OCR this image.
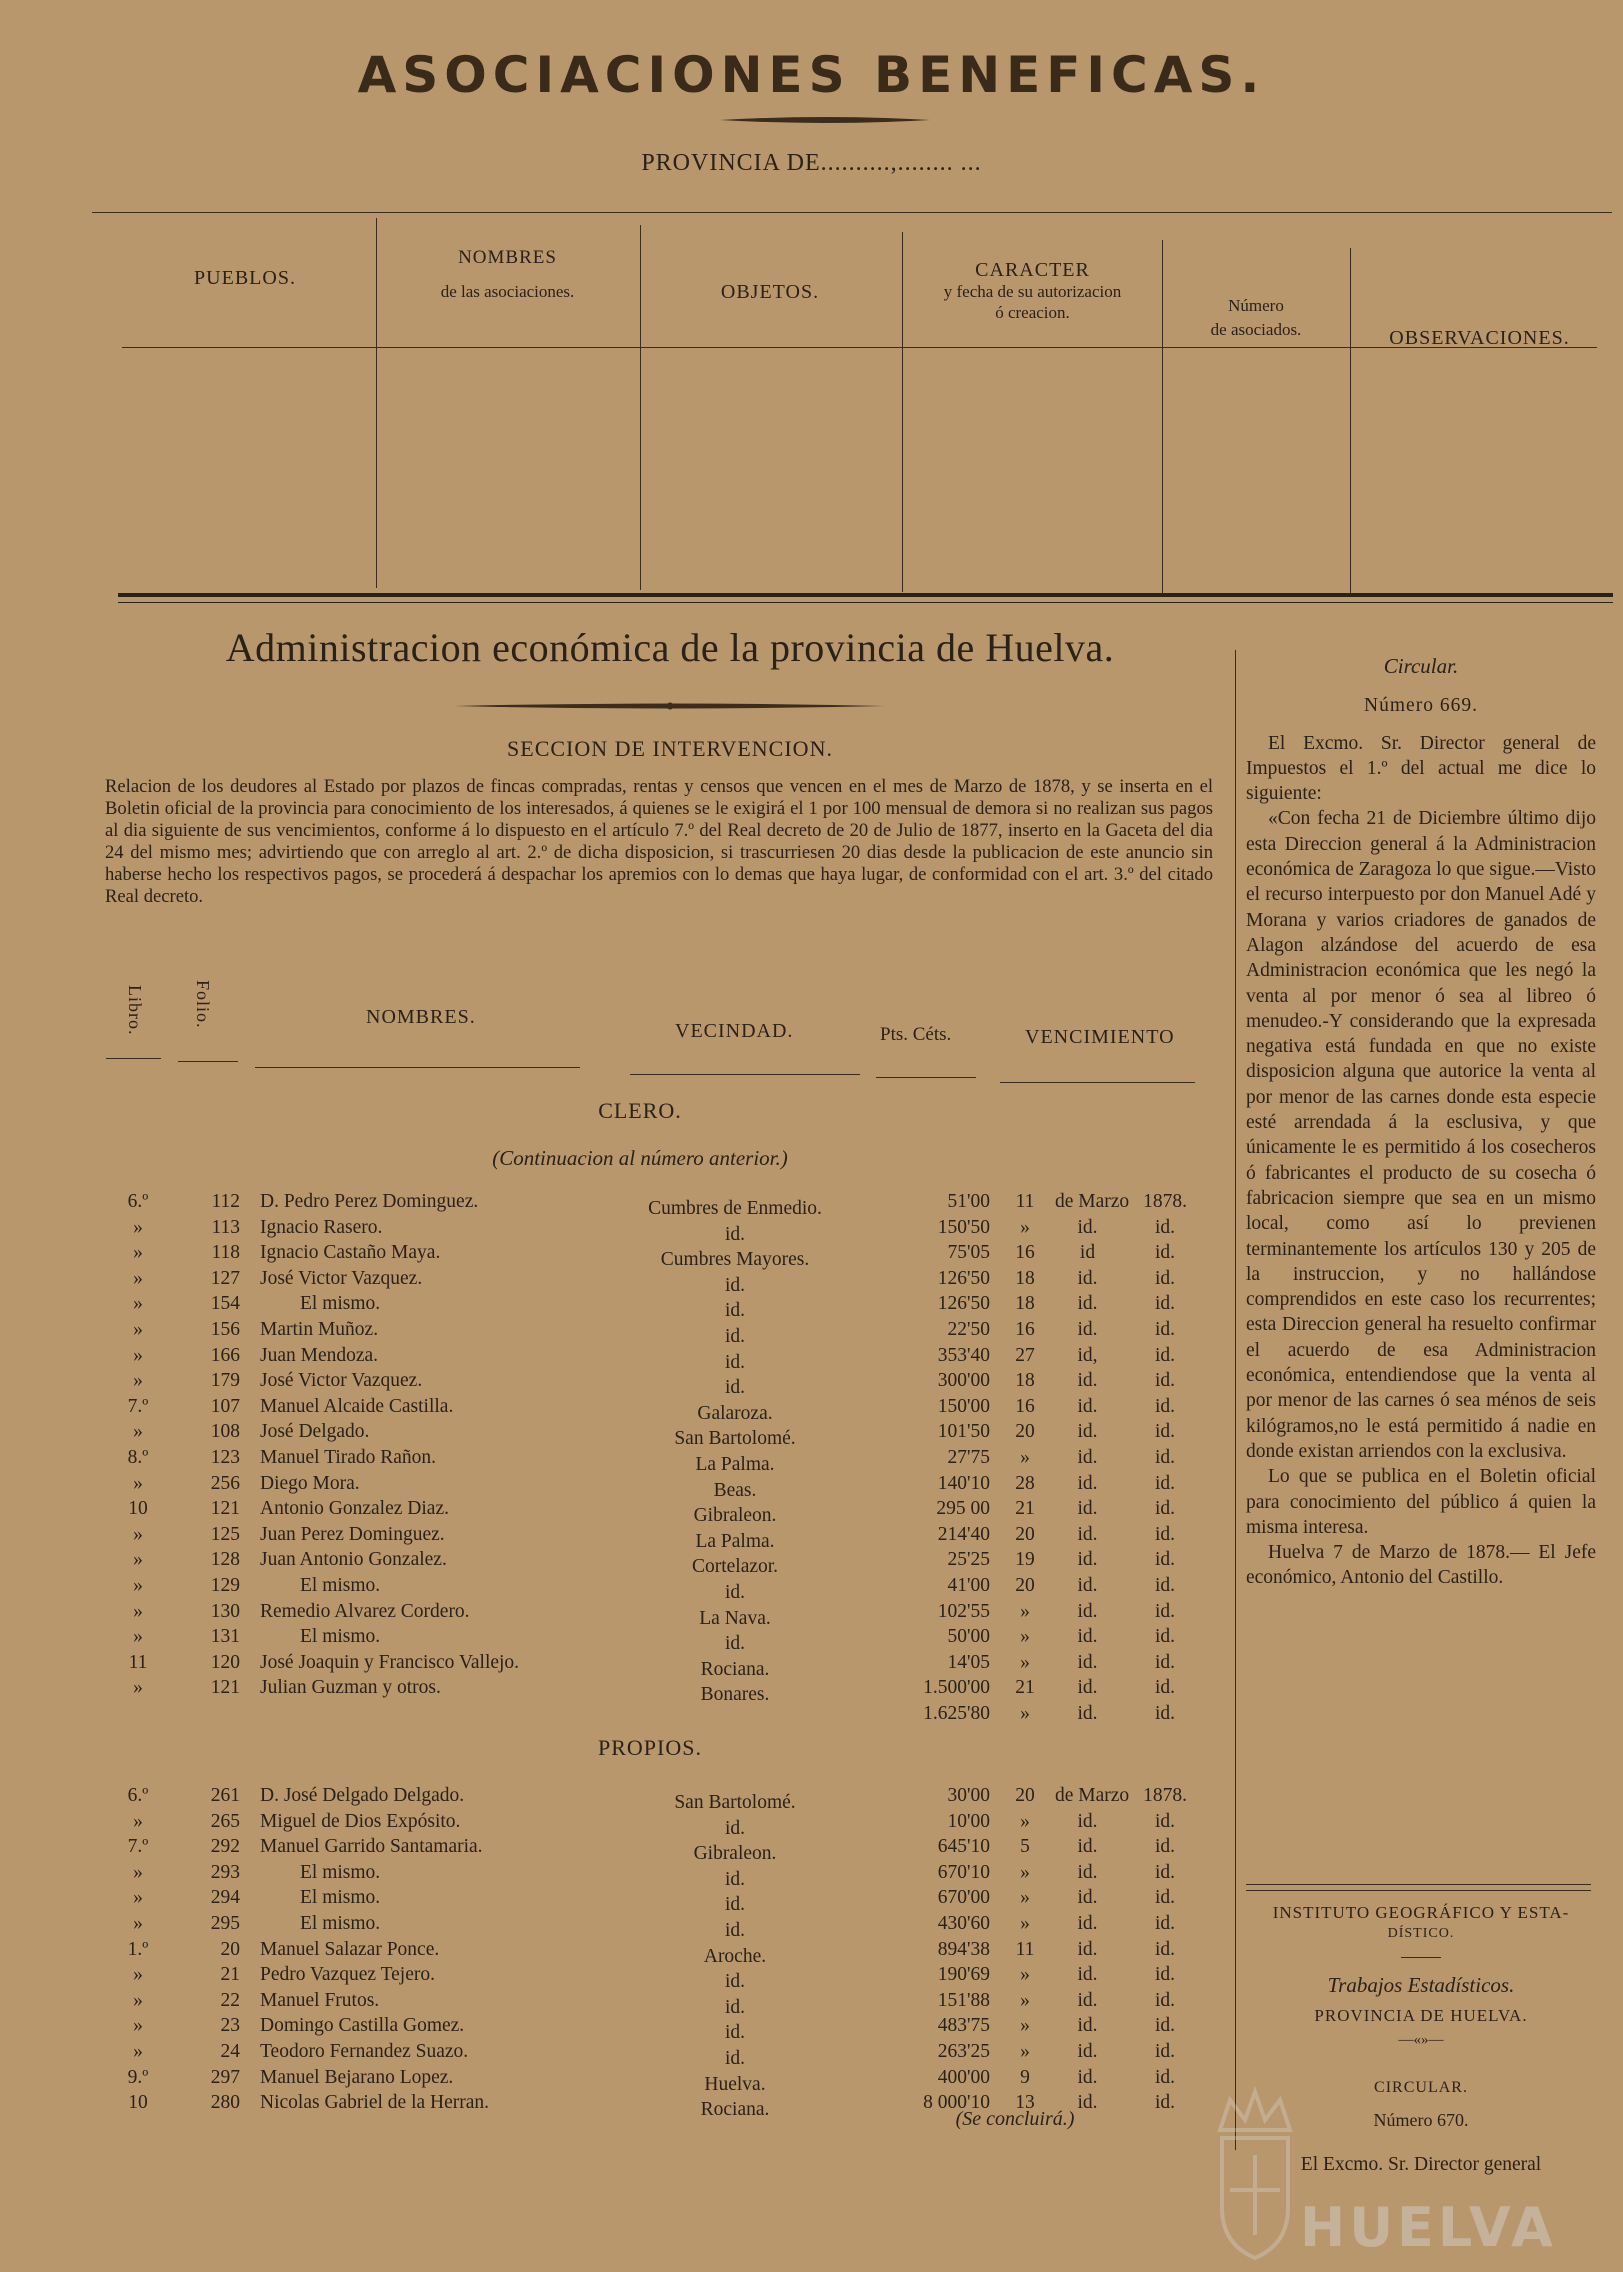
ASOCIACIONES BENEFICAS.
PROVINCIA DE..........,........ ...
PUEBLOS.
NOMBRES
de las asociaciones.	OBJETOS.
CARACTER
y fecha de su autorizacion
ó creacion.	Número
de asociados.	OBSERVACIONES.
Administracion económica de la provincia de Huelva.
SECCION DE INTERVENCION.
Relacion de los deudores al Estado por plazos de fincas compradas, rentas y censos que vencen en el mes de Marzo de 1878, y se inserta en el Boletin oficial de la provincia para conocimiento de los interesados, á quienes se le exigirá el 1 por 100 mensual de demora si no realizan sus pagos al dia siguiente de sus vencimientos, conforme á lo dispuesto en el artículo 7.º del Real decreto de 20 de Julio de 1877, inserto en la Gaceta del dia 24 del mismo mes; advirtiendo que con arreglo al art. 2.º de dicha disposicion, si trascurriesen 20 dias desde la publicacion de este anuncio sin haberse hecho los respectivos pagos, se procederá á despachar los apremios con lo demas que haya lugar, de conformidad con el art. 3.º del citado Real decreto.
Libro.	Folio.	NOMBRES.
VECINDAD.	Pts. Céts.	VENCIMIENTO
CLERO.
(Continuacion al número anterior.)
6.º	112 D. Pedro Perez Dominguez.	Cumbres de Enmedio.	51'00	11	de Marzo 1878.
»	113 Ignacio Rasero.	id.	150'50	»	id.	id.
»	118 Ignacio Castaño Maya.	Cumbres Mayores.	75'05	16	id	id.
»	127 José Victor Vazquez.	id.	126'50	18	id.	id.
»	154	El mismo.	id.	126'50	18	id.	id.
»	156 Martin Muñoz.	id.	22'50	16	id.	id.
»	166 Juan Mendoza.	id.	353'40	27	id,	id.
»	179 José Victor Vazquez.	id.	300'00	18	id.	id.
7.º	107 Manuel Alcaide Castilla.	Galaroza.	150'00	16	id.	id.
»	108 José Delgado.	San Bartolomé.	101'50	20	id.	id.
8.º	123 Manuel Tirado Rañon.	La Palma.	27'75	»	id.	id.
»	256 Diego Mora.	Beas.	140'10	28	id.	id.
10	121 Antonio Gonzalez Diaz.	Gibraleon.	295 00	21	id.	id.
»	125 Juan Perez Dominguez.	La Palma.	214'40	20	id.	id.
»	128 Juan Antonio Gonzalez.	Cortelazor.	25'25	19	id.	id.
»	129	El mismo.	id.	41'00	20	id.	id.
»	130 Remedio Alvarez Cordero.	La Nava.	102'55	»	id.	id.
»	131	El mismo.	id.	50'00	»	id.	id.
11	120 José Joaquin y Francisco Vallejo.	Rociana.	14'05	»	id.	id.
»	121 Julian Guzman y otros.	Bonares.	1.500'00	21	id.	id.
1.625'80	»	id.	id.
PROPIOS.
6.º	261 D. José Delgado Delgado.	San Bartolomé.	30'00	20	de Marzo 1878.
»	265 Miguel de Dios Expósito.	id.	10'00	»	id.	id.
7.º	292 Manuel Garrido Santamaria.	Gibraleon.	645'10	5	id.	id.
»	293	El mismo.	id.	670'10	»	id.	id.
»	294	El mismo.	id.	670'00	»	id.	id.
»	295	El mismo.	id.	430'60	»	id.	id.
1.º	20 Manuel Salazar Ponce.	Aroche.	894'38	11	id.	id.
»	21 Pedro Vazquez Tejero.	id.	190'69	»	id.	id.
»	22 Manuel Frutos.	id.	151'88	»	id.	id.
»	23 Domingo Castilla Gomez.	id.	483'75	»	id.	id.
»	24 Teodoro Fernandez Suazo.	id.	263'25	»	id.	id.
9.º	297 Manuel Bejarano Lopez.	Huelva.	400'00	9	id.	id.
10	280 Nicolas Gabriel de la Herran.	Rociana.	8 000'10	13	id.	id.
(Se concluirá.)
Circular.
Número 669.

El Excmo. Sr. Director general de Impuestos el 1.º del actual me dice lo siguiente:

«Con fecha 21 de Diciembre último dijo esta Direccion general á la Administracion económica de Zaragoza lo que sigue.—Visto el recurso interpuesto por don Manuel Adé y Morana y varios criadores de ganados de Alagon alzándose del acuerdo de esa Administracion económica que les negó la venta al por menor ó sea al libreo ó menudeo.-Y considerando que la expresada negativa está fundada en que no existe disposicion alguna que autorice la venta al por menor de las carnes donde esta especie esté arrendada á la esclusiva, y que únicamente le es permitido á los cosecheros ó fabricantes el producto de su cosecha ó fabricacion siempre que sea en un mismo local, como así lo previenen terminantemente los artículos 130 y 205 de la instruccion, y no hallándose comprendidos en este caso los recurrentes; esta Direccion general ha resuelto confirmar el acuerdo de esa Administracion económica, entendiendose que la venta al por menor de las carnes ó sea ménos de seis kilógramos,no le está permitido á nadie en donde existan arriendos con la exclusiva.

Lo que se publica en el Boletin oficial para conocimiento del público á quien la misma interesa.

Huelva 7 de Marzo de 1878.— El Jefe económico, Antonio del Castillo.

INSTITUTO GEOGRÁFICO Y ESTA-
DÍSTICO.
Trabajos Estadísticos.
PROVINCIA DE HUELVA.
—«»—
CIRCULAR.
Número 670.
El Excmo. Sr. Director general
HUELVA
